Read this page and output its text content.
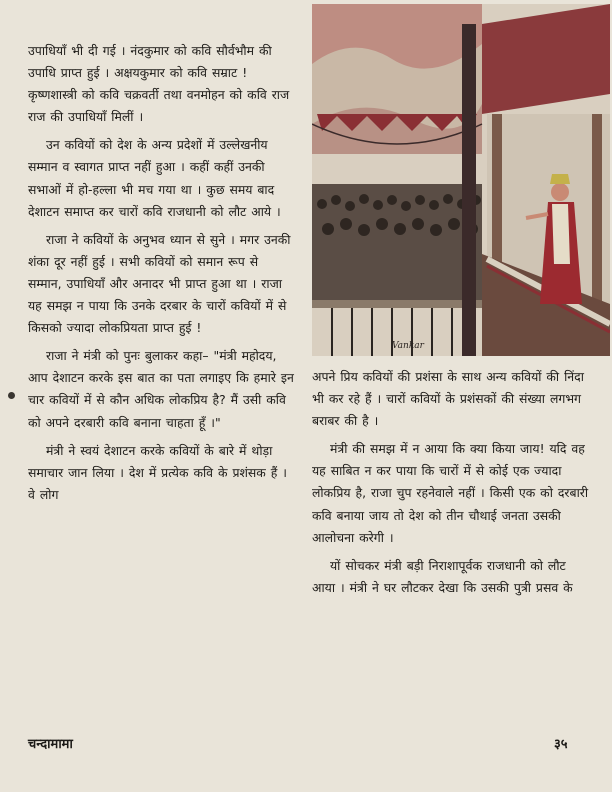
उपाधियाँ भी दी गई । नंदकुमार को कवि सौर्वभौम की उपाधि प्राप्त हुई । अक्षयकुमार को कवि सम्राट ! कृष्णशास्त्री को कवि चक्रवर्ती तथा वनमोहन को कवि राज राज की उपाधियाँ मिलीं ।

उन कवियों को देश के अन्य प्रदेशों में उल्लेखनीय सम्मान व स्वागत प्राप्त नहीं हुआ । कहीं कहीं उनकी सभाओं में हो-हल्ला भी मच गया था । कुछ समय बाद देशाटन समाप्त कर चारों कवि राजधानी को लौट आये ।

राजा ने कवियों के अनुभव ध्यान से सुने । मगर उनकी शंका दूर नहीं हुई । सभी कवियों को समान रूप से सम्मान, उपाधियाँ और अनादर भी प्राप्त हुआ था । राजा यह समझ न पाया कि उनके दरबार के चारों कवियों में से किसको ज्यादा लोकप्रियता प्राप्त हुई !

राजा ने मंत्री को पुनः बुलाकर कहा– "मंत्री महोदय, आप देशाटन करके इस बात का पता लगाइए कि हमारे इन चार कवियों में से कौन अधिक लोकप्रिय है? मैं उसी कवि को अपने दरबारी कवि बनाना चाहता हूँ ।"

मंत्री ने स्वयं देशाटन करके कवियों के बारे में थोड़ा समाचार जान लिया । देश में प्रत्येक कवि के प्रशंसक हैं । वे लोग

Vankar

अपने प्रिय कवियों की प्रशंसा के साथ अन्य कवियों की निंदा भी कर रहे हैं । चारों कवियों के प्रशंसकों की संख्या लगभग बराबर की है ।

मंत्री की समझ में न आया कि क्या किया जाय! यदि वह यह साबित न कर पाया कि चारों में से कोई एक ज्यादा लोकप्रिय है, राजा चुप रहनेवाले नहीं । किसी एक को दरबारी कवि बनाया जाय तो देश को तीन चौथाई जनता उसकी आलोचना करेगी ।

यों सोचकर मंत्री बड़ी निराशापूर्वक राजधानी को लौट आया । मंत्री ने घर लौटकर देखा कि उसकी पुत्री प्रसव के

चन्दामामा	३५
